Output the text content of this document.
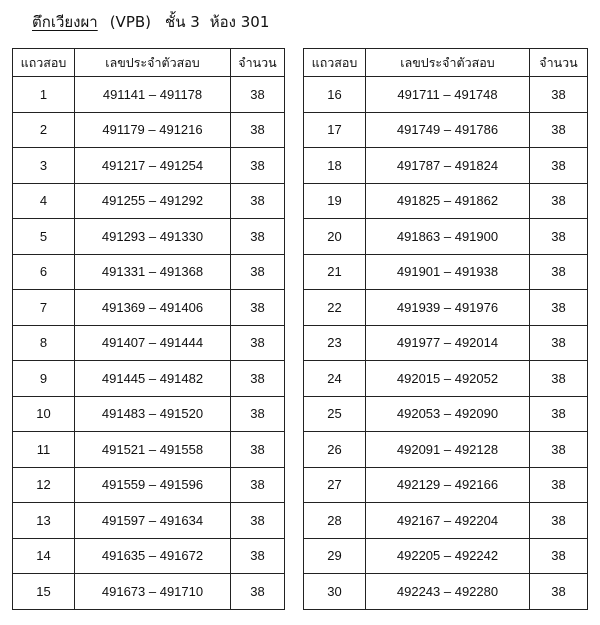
ตึกเวียงผา (VPB) ชั้น 3 ห้อง 301
แถวสอบ	เลขประจำตัวสอบ	จำนวน
1	491141 – 491178	38
2	491179 – 491216	38
3	491217 – 491254	38
4	491255 – 491292	38
5	491293 – 491330	38
6	491331 – 491368	38
7	491369 – 491406	38
8	491407 – 491444	38
9	491445 – 491482	38
10	491483 – 491520	38
11	491521 – 491558	38
12	491559 – 491596	38
13	491597 – 491634	38
14	491635 – 491672	38
15	491673 – 491710	38
แถวสอบ	เลขประจำตัวสอบ	จำนวน
16	491711 – 491748	38
17	491749 – 491786	38
18	491787 – 491824	38
19	491825 – 491862	38
20	491863 – 491900	38
21	491901 – 491938	38
22	491939 – 491976	38
23	491977 – 492014	38
24	492015 – 492052	38
25	492053 – 492090	38
26	492091 – 492128	38
27	492129 – 492166	38
28	492167 – 492204	38
29	492205 – 492242	38
30	492243 – 492280	38
